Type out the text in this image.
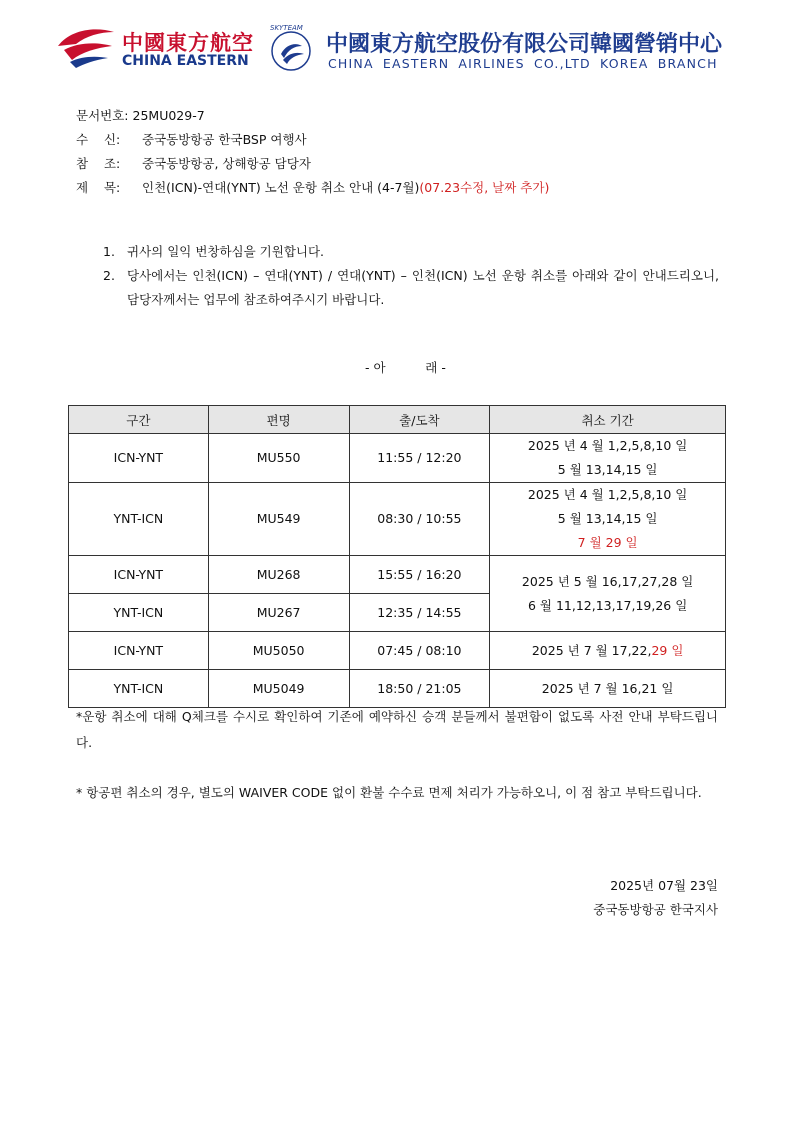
中國東方航空
CHINA EASTERN
SKYTEAM
中國東方航空股份有限公司韓國營销中心
CHINA EASTERN AIRLINES CO.,LTD KOREA BRANCH
문서번호: 25MU029-7
수    신: 중국동방항공 한국BSP 여행사
참    조: 중국동방항공, 상해항공 담당자
제    목: 인천(ICN)-연대(YNT) 노선 운항 취소 안내 (4-7월)(07.23수정, 날짜 추가)
1. 귀사의 일익 번창하심을 기원합니다.
2. 당사에서는 인천(ICN) – 연대(YNT) / 연대(YNT) – 인천(ICN) 노선 운항 취소를 아래와 같이 안내드리오니, 담당자께서는 업무에 참조하여주시기 바랍니다.
- 아          래 -
구간	편명	출/도착	취소 기간
ICN-YNT	MU550	11:55 / 12:20	2025 년 4 월 1,2,5,8,10 일
5 월 13,14,15 일

YNT-ICN	MU549	08:30 / 10:55	2025 년 4 월 1,2,5,8,10 일
5 월 13,14,15 일
7 월 29 일

ICN-YNT	MU268	15:55 / 16:20	2025 년 5 월 16,17,27,28 일
6 월 11,12,13,17,19,26 일

YNT-ICN	MU267	12:35 / 14:55	
ICN-YNT	MU5050	07:45 / 08:10	2025 년 7 월 17,22,29 일
YNT-ICN	MU5049	18:50 / 21:05	2025 년 7 월 16,21 일
*운항 취소에 대해 Q체크를 수시로 확인하여 기존에 예약하신 승객 분들께서 불편함이 없도록 사전 안내 부탁드립니다.
* 항공편 취소의 경우, 별도의 WAIVER CODE 없이 환불 수수료 면제 처리가 가능하오니, 이 점 참고 부탁드립니다.
2025년 07월 23일
중국동방항공 한국지사
